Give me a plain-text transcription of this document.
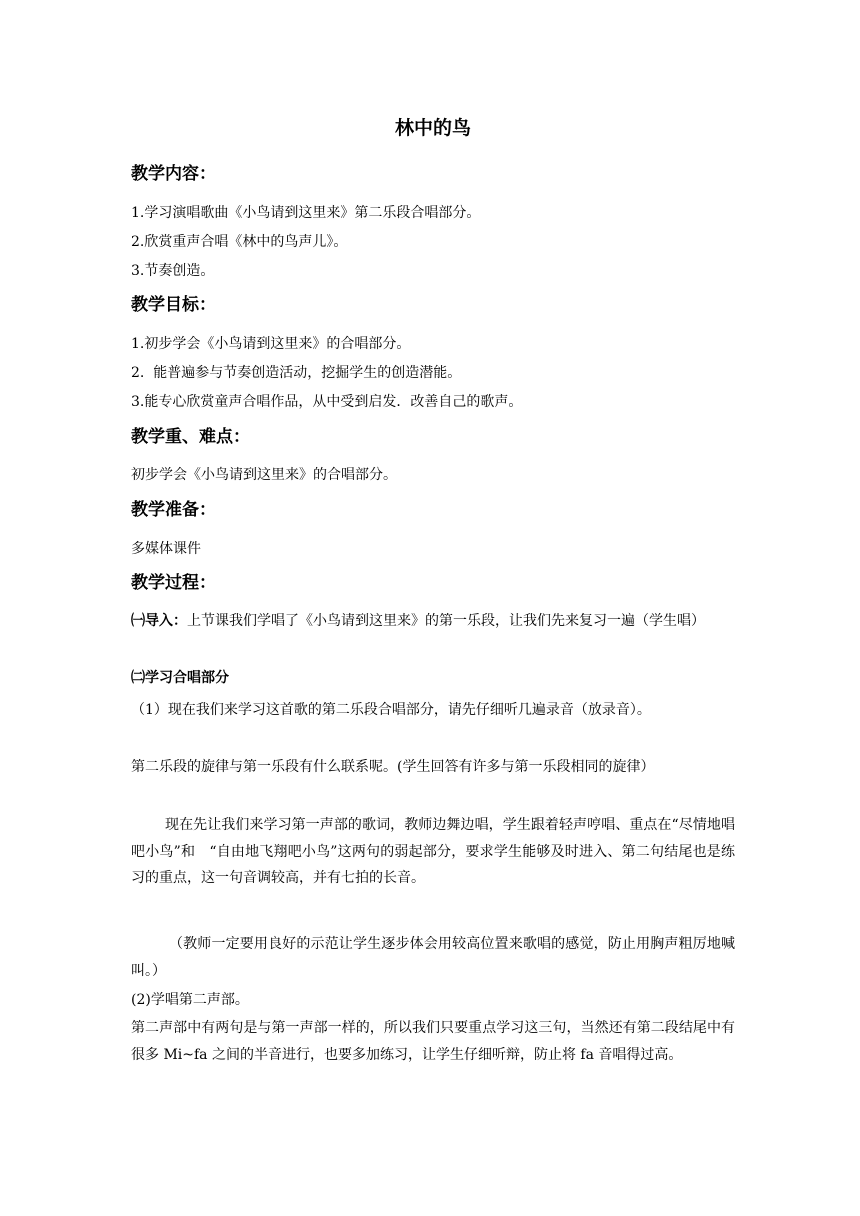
林中的鸟
教学内容：

1.学习演唱歌曲《小鸟请到这里来》第二乐段合唱部分。

2.欣赏重声合唱《林中的鸟声儿》。

3.节奏创造。

教学目标：

1.初步学会《小鸟请到这里来》的合唱部分。

2.  能普遍参与节奏创造活动，挖掘学生的创造潜能。

3.能专心欣赏童声合唱作品，从中受到启发．改善自己的歌声。

教学重、难点：

初步学会《小鸟请到这里来》的合唱部分。

教学准备：

多媒体课件

教学过程：

㈠导入：上节课我们学唱了《小鸟请到这里来》的第一乐段，让我们先来复习一遍（学生唱）

㈡学习合唱部分

（1）现在我们来学习这首歌的第二乐段合唱部分，请先仔细听几遍录音（放录音）。

第二乐段的旋律与第一乐段有什么联系呢。(学生回答有许多与第一乐段相同的旋律）

现在先让我们来学习第一声部的歌词，教师边舞边唱，学生跟着轻声哼唱、重点在“尽情地唱吧小鸟”和　“自由地飞翔吧小鸟”这两句的弱起部分，要求学生能够及时进入、第二句结尾也是练习的重点，这一句音调较高，并有七拍的长音。

（教师一定要用良好的示范让学生逐步体会用较高位置来歌唱的感觉，防止用胸声粗厉地喊叫。）

(2)学唱第二声部。

第二声部中有两句是与第一声部一样的，所以我们只要重点学习这三句，当然还有第二段结尾中有很多 Mi~fa 之间的半音进行，也要多加练习，让学生仔细听辩，防止将 fa 音唱得过高。
